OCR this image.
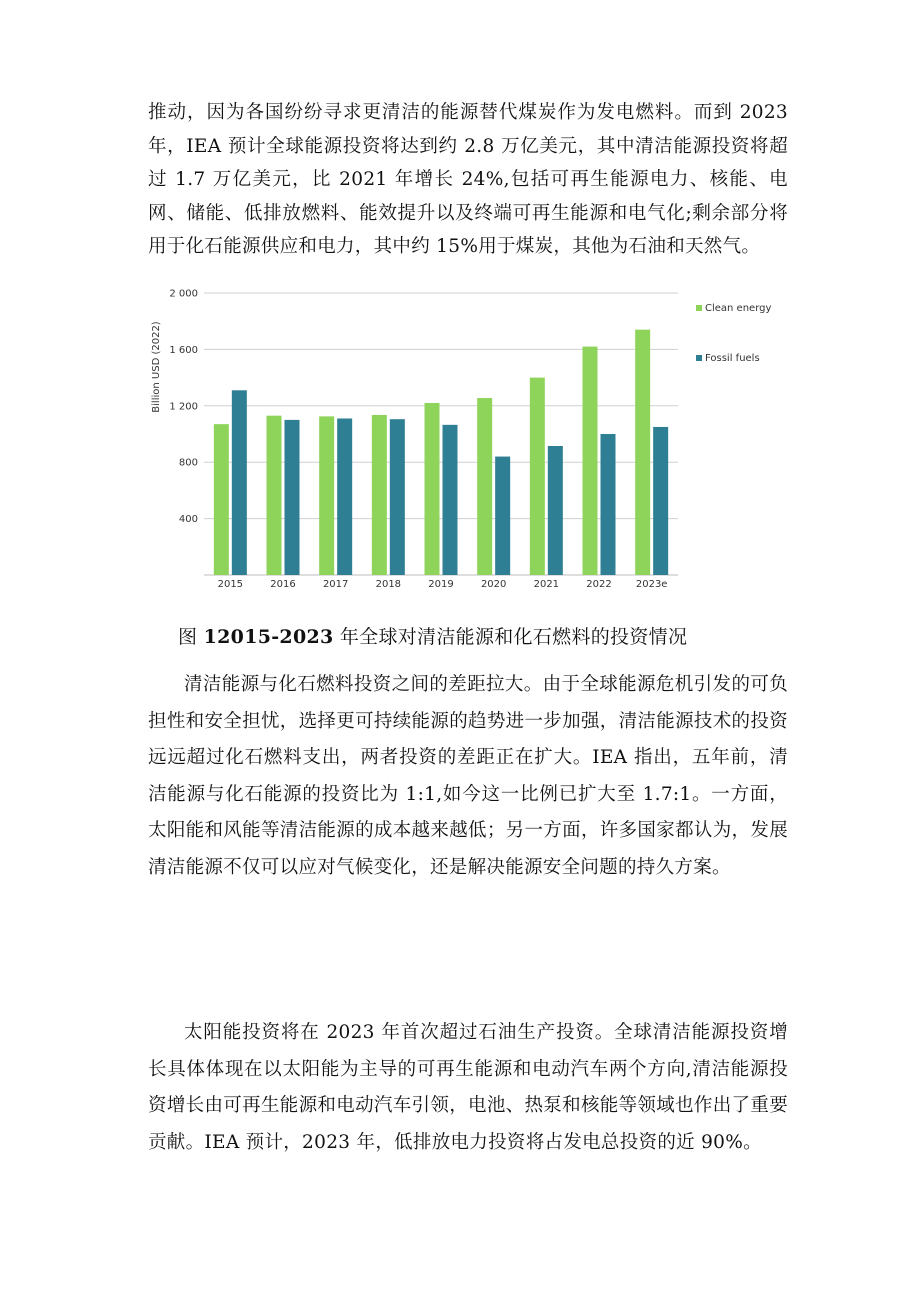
推动，因为各国纷纷寻求更清洁的能源替代煤炭作为发电燃料。而到 2023 年，IEA 预计全球能源投资将达到约 2.8 万亿美元，其中清洁能源投资将超过 1.7 万亿美元，比 2021 年增长 24%,包括可再生能源电力、核能、电网、储能、低排放燃料、能效提升以及终端可再生能源和电气化;剩余部分将用于化石能源供应和电力，其中约 15%用于煤炭，其他为石油和天然气。

2015	2016	2017	2018	2019	2020	2021	2022 2023e
400
800
1 200
1 600
2 000
Billion USD (2022)
Clean energy
Fossil fuels

图 12015-2023 年全球对清洁能源和化石燃料的投资情况

清洁能源与化石燃料投资之间的差距拉大。由于全球能源危机引发的可负担性和安全担忧，选择更可持续能源的趋势进一步加强，清洁能源技术的投资远远超过化石燃料支出，两者投资的差距正在扩大。IEA 指出，五年前，清洁能源与化石能源的投资比为 1:1,如今这一比例已扩大至 1.7:1。一方面，太阳能和风能等清洁能源的成本越来越低；另一方面，许多国家都认为，发展清洁能源不仅可以应对气候变化，还是解决能源安全问题的持久方案。

太阳能投资将在 2023 年首次超过石油生产投资。全球清洁能源投资增长具体体现在以太阳能为主导的可再生能源和电动汽车两个方向,清洁能源投资增长由可再生能源和电动汽车引领，电池、热泵和核能等领域也作出了重要贡献。IEA 预计，2023 年，低排放电力投资将占发电总投资的近 90%。
